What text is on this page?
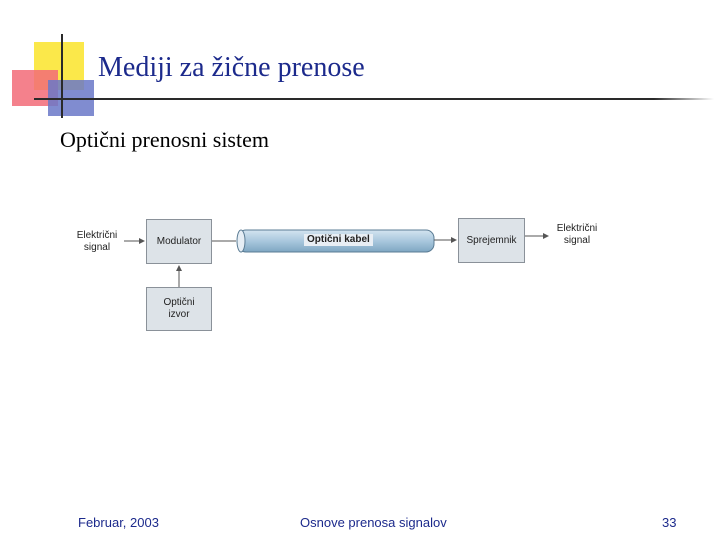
Mediji za žične prenose
Optični prenosni sistem
Električni
signal
Modulator
Optični
izvor
Optični kabel	Sprejemnik
Električni
signal
Februar, 2003	Osnove prenosa signalov	33
